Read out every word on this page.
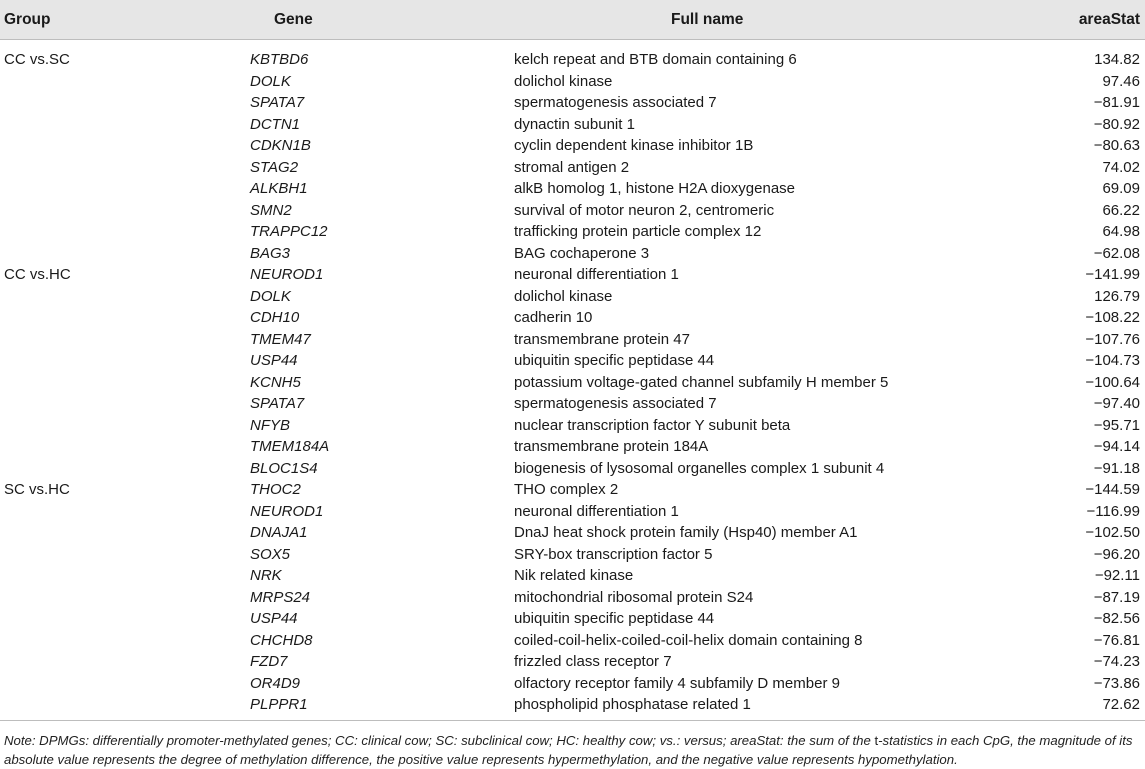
Group	Gene	Full name	areaStat
CC vs.SC	KBTBD6	kelch repeat and BTB domain containing 6	134.82
DOLK	dolichol kinase	97.46
SPATA7	spermatogenesis associated 7	−81.91
DCTN1	dynactin subunit 1	−80.92
CDKN1B	cyclin dependent kinase inhibitor 1B	−80.63
STAG2	stromal antigen 2	74.02
ALKBH1	alkB homolog 1, histone H2A dioxygenase	69.09
SMN2	survival of motor neuron 2, centromeric	66.22
TRAPPC12	trafficking protein particle complex 12	64.98
BAG3	BAG cochaperone 3	−62.08
CC vs.HC	NEUROD1	neuronal differentiation 1	−141.99
DOLK	dolichol kinase	126.79
CDH10	cadherin 10	−108.22
TMEM47	transmembrane protein 47	−107.76
USP44	ubiquitin specific peptidase 44	−104.73
KCNH5	potassium voltage-gated channel subfamily H member 5	−100.64
SPATA7	spermatogenesis associated 7	−97.40
NFYB	nuclear transcription factor Y subunit beta	−95.71
TMEM184A	transmembrane protein 184A	−94.14
BLOC1S4	biogenesis of lysosomal organelles complex 1 subunit 4	−91.18
SC vs.HC	THOC2	THO complex 2	−144.59
NEUROD1	neuronal differentiation 1	−116.99
DNAJA1	DnaJ heat shock protein family (Hsp40) member A1	−102.50
SOX5	SRY-box transcription factor 5	−96.20
NRK	Nik related kinase	−92.11
MRPS24	mitochondrial ribosomal protein S24	−87.19
USP44	ubiquitin specific peptidase 44	−82.56
CHCHD8	coiled-coil-helix-coiled-coil-helix domain containing 8	−76.81
FZD7	frizzled class receptor 7	−74.23
OR4D9	olfactory receptor family 4 subfamily D member 9	−73.86
PLPPR1	phospholipid phosphatase related 1	72.62
Note: DPMGs: differentially promoter-methylated genes; CC: clinical cow; SC: subclinical cow; HC: healthy cow; vs.: versus; areaStat: the sum of the t-statistics in each CpG, the magnitude of its absolute value represents the degree of methylation difference, the positive value represents hypermethylation, and the negative value represents hypomethylation.
